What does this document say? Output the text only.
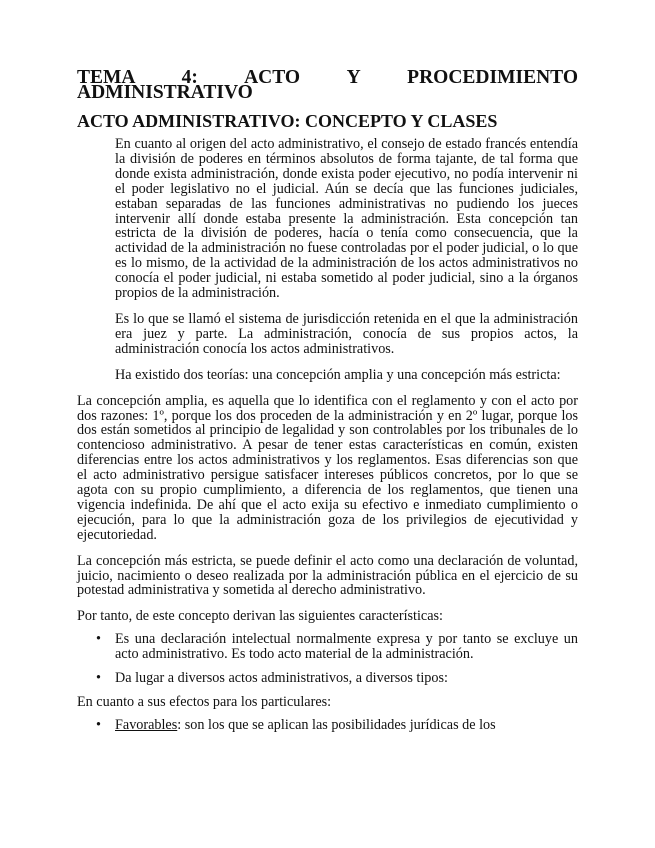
TEMA 4: ACTO Y PROCEDIMIENTO
ADMINISTRATIVO
ACTO ADMINISTRATIVO: CONCEPTO Y CLASES

En cuanto al origen del acto administrativo, el consejo de estado francés entendía la división de poderes en términos absolutos de forma tajante, de tal forma que donde exista administración, donde exista poder ejecutivo, no podía intervenir ni el poder legislativo no el judicial. Aún se decía que las funciones judiciales, estaban separadas de las funciones administrativas no pudiendo los jueces intervenir allí donde estaba presente la administración. Esta concepción tan estricta de la división de poderes, hacía o tenía como consecuencia, que la actividad de la administración no fuese controladas por el poder judicial, o lo que es lo mismo, de la actividad de la administración de los actos administrativos no conocía el poder judicial, ni estaba sometido al poder judicial, sino a la órganos propios de la administración.

Es lo que se llamó el sistema de jurisdicción retenida en el que la administración era juez y parte. La administración, conocía de sus propios actos, la administración conocía los actos administrativos.

Ha existido dos teorías: una concepción amplia y una concepción más estricta:

La concepción amplia, es aquella que lo identifica con el reglamento y con el acto por dos razones: 1º, porque los dos proceden de la administración y en 2º lugar, porque los dos están sometidos al principio de legalidad y son controlables por los tribunales de lo contencioso administrativo. A pesar de tener estas características en común, existen diferencias entre los actos administrativos y los reglamentos. Esas diferencias son que el acto administrativo persigue satisfacer intereses públicos concretos, por lo que se agota con su propio cumplimiento, a diferencia de los reglamentos, que tienen una vigencia indefinida. De ahí que el acto exija su efectivo e inmediato cumplimiento o ejecución, para lo que la administración goza de los privilegios de ejecutividad y ejecutoriedad.

La concepción más estricta, se puede definir el acto como una declaración de voluntad, juicio, nacimiento o deseo realizada por la administración pública en el ejercicio de su potestad administrativa y sometida al derecho administrativo.

Por tanto, de este concepto derivan las siguientes características:

• Es una declaración intelectual normalmente expresa y por tanto se excluye un acto administrativo. Es todo acto material de la administración.
• Da lugar a diversos actos administrativos, a diversos tipos:

En cuanto a sus efectos para los particulares:

• Favorables: son los que se aplican las posibilidades jurídicas de los
